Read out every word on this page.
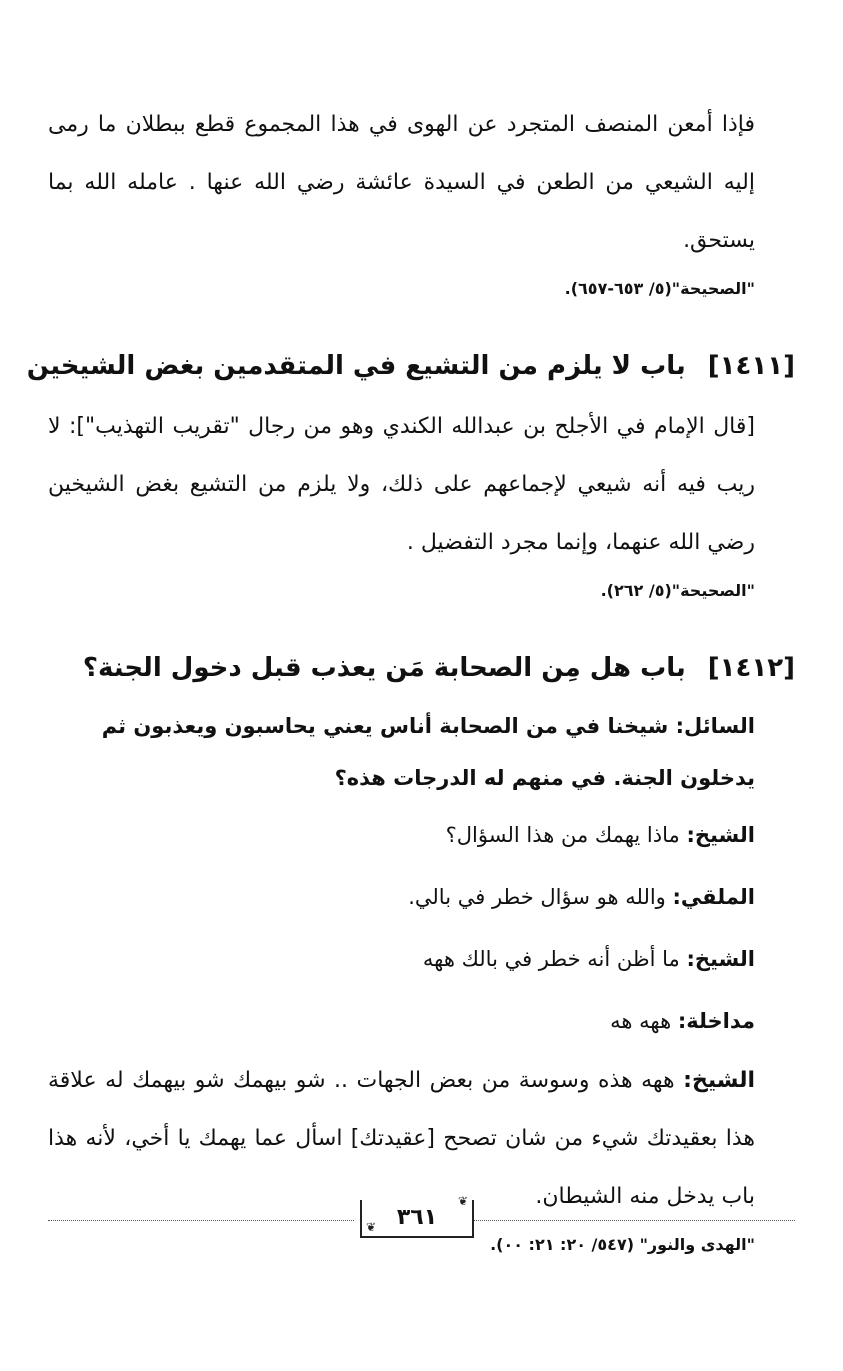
فإذا أمعن المنصف المتجرد عن الهوى في هذا المجموع قطع ببطلان ما رمى إليه الشيعي من الطعن في السيدة عائشة رضي الله عنها . عامله الله بما يستحق.

"الصحيحة"(٥/ ٦٥٣-٦٥٧).

[١٤١١]باب لا يلزم من التشيع في المتقدمين بغض الشيخين

[قال الإمام في الأجلح بن عبدالله الكندي وهو من رجال "تقريب التهذيب"]: لا ريب فيه أنه شيعي لإجماعهم على ذلك، ولا يلزم من التشيع بغض الشيخين رضي الله عنهما، وإنما مجرد التفضيل .

"الصحيحة"(٥/ ٢٦٢).

[١٤١٢]باب هل مِن الصحابة مَن يعذب قبل دخول الجنة؟

السائل: شيخنا في من الصحابة أناس يعني يحاسبون ويعذبون ثم يدخلون الجنة. في منهم له الدرجات هذه؟

الشيخ: ماذا يهمك من هذا السؤال؟
الملقي: والله هو سؤال خطر في بالي.
الشيخ: ما أظن أنه خطر في بالك ههه
مداخلة: ههه هه

الشيخ: ههه هذه وسوسة من بعض الجهات .. شو بيهمك شو بيهمك له علاقة هذا بعقيدتك شيء من شان تصحح [عقيدتك] اسأل عما يهمك يا أخي، لأنه هذا باب يدخل منه الشيطان.

"الهدى والنور" (٥٤٧/ ٢٠: ٢١: ٠٠).

❦
٣٦١
❦
